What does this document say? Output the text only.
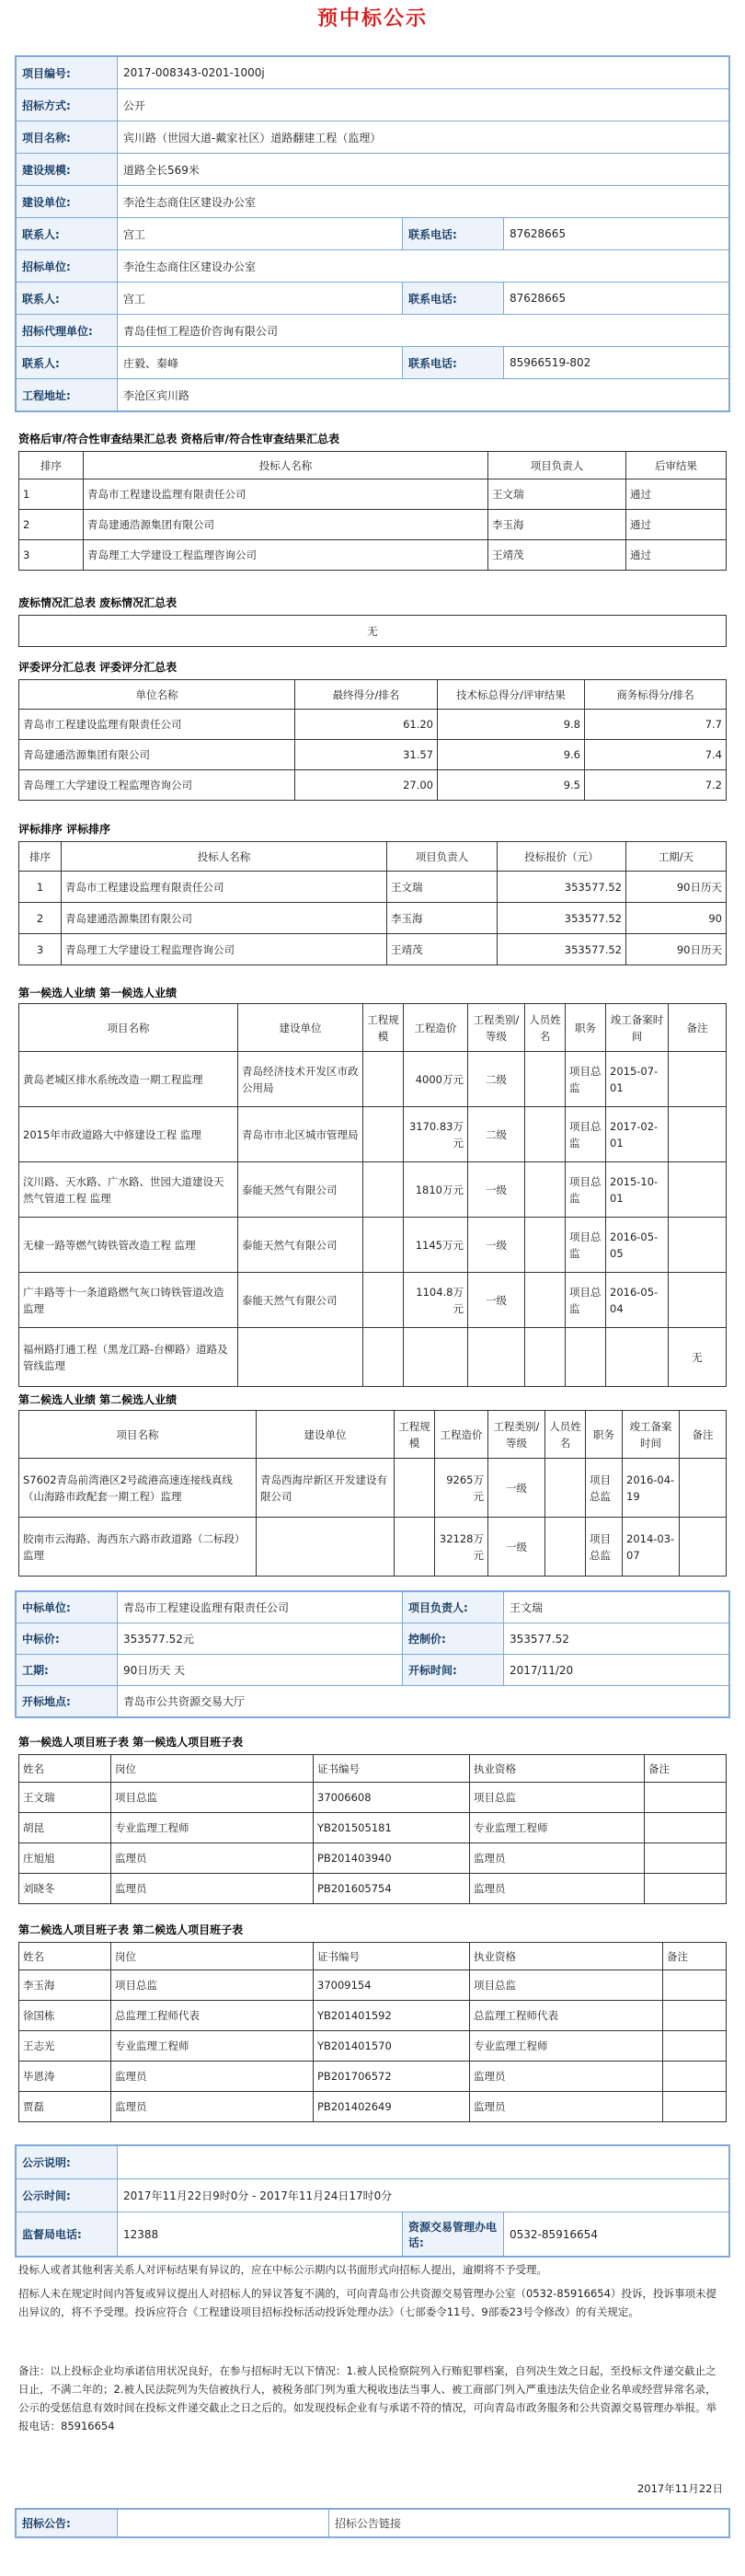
预中标公示
项目编号:	2017-008343-0201-1000j		
招标方式:	公开		
项目名称:	宾川路（世园大道-戴家社区）道路翻建工程（监理）		
建设规模:	道路全长569米		
建设单位:	李沧生态商住区建设办公室		
联系人:	宫工	联系电话:	87628665
招标单位:	李沧生态商住区建设办公室		
联系人:	宫工	联系电话:	87628665
招标代理单位:	青岛佳恒工程造价咨询有限公司		
联系人:	庄毅、秦峰	联系电话:	85966519-802
工程地址:	李沧区宾川路		
资格后审/符合性审查结果汇总表 资格后审/符合性审查结果汇总表
排序	投标人名称	项目负责人	后审结果
1	青岛市工程建设监理有限责任公司	王文瑞	通过
2	青岛建通浩源集团有限公司	李玉海	通过
3	青岛理工大学建设工程监理咨询公司	王靖茂	通过
废标情况汇总表 废标情况汇总表
无
评委评分汇总表 评委评分汇总表
单位名称	最终得分/排名	技术标总得分/评审结果	商务标得分/排名
青岛市工程建设监理有限责任公司	61.20	9.8	7.7
青岛建通浩源集团有限公司	31.57	9.6	7.4
青岛理工大学建设工程监理咨询公司	27.00	9.5	7.2
评标排序 评标排序
排序	投标人名称	项目负责人	投标报价（元）	工期/天
1	青岛市工程建设监理有限责任公司	王文瑞	353577.52	90日历天
2	青岛建通浩源集团有限公司	李玉海	353577.52	90
3	青岛理工大学建设工程监理咨询公司	王靖茂	353577.52	90日历天
第一候选人业绩 第一候选人业绩
项目名称	建设单位	工程规模	工程造价	工程类别/等级	人员姓名	职务	竣工备案时间	备注
黄岛老城区排水系统改造一期工程监理	青岛经济技术开发区市政公用局		4000万元	二级		项目总监	2015-07-01	
2015年市政道路大中修建设工程 监理	青岛市市北区城市管理局		3170.83万元	二级		项目总监	2017-02-01	
汶川路、天水路、广水路、世园大道建设天然气管道工程 监理	泰能天然气有限公司		1810万元	一级		项目总监	2015-10-01	
无棣一路等燃气铸铁管改造工程 监理	泰能天然气有限公司		1145万元	一级		项目总监	2016-05-05	
广丰路等十一条道路燃气灰口铸铁管道改造 监理	泰能天然气有限公司		1104.8万元	一级		项目总监	2016-05-04	
福州路打通工程（黑龙江路-台柳路）道路及管线监理								无
第二候选人业绩 第二候选人业绩
项目名称	建设单位	工程规模	工程造价	工程类别/等级	人员姓名	职务	竣工备案时间	备注
S7602青岛前湾港区2号疏港高速连接线真线（山海路市政配套一期工程）监理	青岛西海岸新区开发建设有限公司		9265万元	一级		项目总监	2016-04-19	
胶南市云海路、海西东六路市政道路（二标段）监理			32128万元	一级		项目总监	2014-03-07	
中标单位:	青岛市工程建设监理有限责任公司	项目负责人:	王文瑞
中标价:	353577.52元	控制价:	353577.52
工期:	90日历天 天	开标时间:	2017/11/20
开标地点:	青岛市公共资源交易大厅		
第一候选人项目班子表 第一候选人项目班子表
姓名	岗位	证书编号	执业资格	备注
王文瑞	项目总监	37006608	项目总监	
胡昆	专业监理工程师	YB201505181	专业监理工程师	
庄旭旭	监理员	PB201403940	监理员	
刘晓冬	监理员	PB201605754	监理员	
第二候选人项目班子表 第二候选人项目班子表
姓名	岗位	证书编号	执业资格	备注
李玉海	项目总监	37009154	项目总监	
徐国栋	总监理工程师代表	YB201401592	总监理工程师代表	
王志光	专业监理工程师	YB201401570	专业监理工程师	
毕恩涛	监理员	PB201706572	监理员	
贾磊	监理员	PB201402649	监理员	
公示说明:			
公示时间:	2017年11月22日9时0分 - 2017年11月24日17时0分		
监督局电话:	12388	资源交易管理办电话:	0532-85916654
投标人或者其他利害关系人对评标结果有异议的，应在中标公示期内以书面形式向招标人提出，逾期将不予受理。
招标人未在规定时间内答复或异议提出人对招标人的异议答复不满的，可向青岛市公共资源交易管理办公室（0532-85916654）投诉，投诉事项未提出异议的，将不予受理。投诉应符合《工程建设项目招标投标活动投诉处理办法》（七部委令11号、9部委23号令修改）的有关规定。
备注：以上投标企业均承诺信用状况良好，在参与招标时无以下情况：1.被人民检察院列入行贿犯罪档案，自列决生效之日起，至投标文件递交截止之日止，不满二年的；2.被人民法院列为失信被执行人，被税务部门列为重大税收违法当事人、被工商部门列入严重违法失信企业名单或经营异常名录，公示的受惩信息有效时间在投标文件递交截止之日之后的。如发现投标企业有与承诺不符的情况，可向青岛市政务服务和公共资源交易管理办举报。举报电话：85916654
2017年11月22日
招标公告:		招标公告链接
